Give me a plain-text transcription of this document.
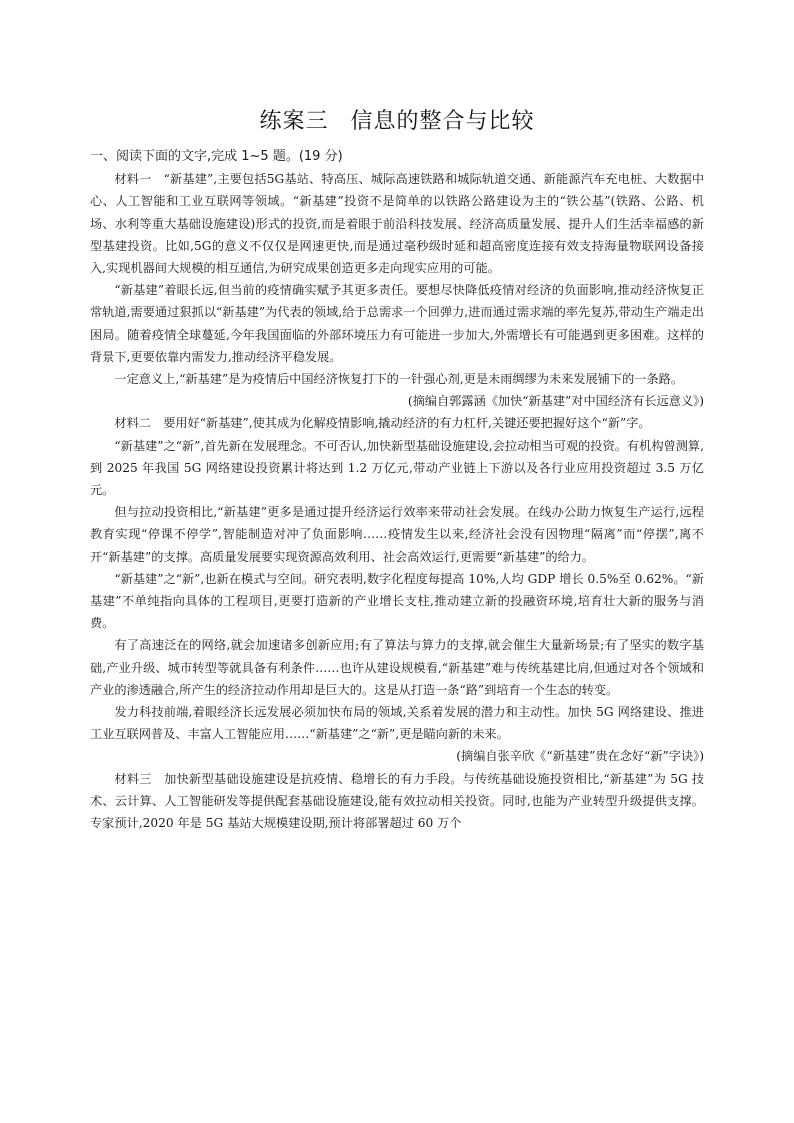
练案三 信息的整合与比较
一、阅读下面的文字,完成 1~5 题。(19 分)

材料一  “新基建”,主要包括5G基站、特高压、城际高速铁路和城际轨道交通、新能源汽车充电桩、大数据中心、人工智能和工业互联网等领域。“新基建”投资不是简单的以铁路公路建设为主的“铁公基”(铁路、公路、机场、水利等重大基础设施建设)形式的投资,而是着眼于前沿科技发展、经济高质量发展、提升人们生活幸福感的新型基建投资。比如,5G的意义不仅仅是网速更快,而是通过毫秒级时延和超高密度连接有效支持海量物联网设备接入,实现机器间大规模的相互通信,为研究成果创造更多走向现实应用的可能。

“新基建”着眼长远,但当前的疫情确实赋予其更多责任。要想尽快降低疫情对经济的负面影响,推动经济恢复正常轨道,需要通过狠抓以“新基建”为代表的领域,给于总需求一个回弹力,进而通过需求端的率先复苏,带动生产端走出困局。随着疫情全球蔓延,今年我国面临的外部环境压力有可能进一步加大,外需增长有可能遇到更多困难。这样的背景下,更要依靠内需发力,推动经济平稳发展。

一定意义上,“新基建”是为疫情后中国经济恢复打下的一针强心剂,更是未雨绸缪为未来发展铺下的一条路。

(摘编自郭露涵《加快“新基建”对中国经济有长远意义》)

材料二  要用好“新基建”,使其成为化解疫情影响,撬动经济的有力杠杆,关键还要把握好这个“新”字。

“新基建”之“新”,首先新在发展理念。不可否认,加快新型基础设施建设,会拉动相当可观的投资。有机构曾测算,到 2025 年我国 5G 网络建设投资累计将达到 1.2 万亿元,带动产业链上下游以及各行业应用投资超过 3.5 万亿元。

但与拉动投资相比,“新基建”更多是通过提升经济运行效率来带动社会发展。在线办公助力恢复生产运行,远程教育实现“停课不停学”,智能制造对冲了负面影响……疫情发生以来,经济社会没有因物理“隔离”而“停摆”,离不开“新基建”的支撑。高质量发展要实现资源高效利用、社会高效运行,更需要“新基建”的给力。

“新基建”之“新”,也新在模式与空间。研究表明,数字化程度每提高 10%,人均 GDP 增长 0.5%至 0.62%。“新基建”不单纯指向具体的工程项目,更要打造新的产业增长支柱,推动建立新的投融资环境,培育壮大新的服务与消费。

有了高速泛在的网络,就会加速诸多创新应用;有了算法与算力的支撑,就会催生大量新场景;有了坚实的数字基础,产业升级、城市转型等就具备有利条件……也许从建设规模看,“新基建”难与传统基建比肩,但通过对各个领域和产业的渗透融合,所产生的经济拉动作用却是巨大的。这是从打造一条“路”到培育一个生态的转变。

发力科技前端,着眼经济长远发展必须加快布局的领域,关系着发展的潜力和主动性。加快 5G 网络建设、推进工业互联网普及、丰富人工智能应用……“新基建”之“新”,更是瞄向新的未来。

(摘编自张辛欣《“新基建”贵在念好“新”字诀》)

材料三  加快新型基础设施建设是抗疫情、稳增长的有力手段。与传统基础设施投资相比,“新基建”为 5G 技术、云计算、人工智能研发等提供配套基础设施建设,能有效拉动相关投资。同时,也能为产业转型升级提供支撑。专家预计,2020 年是 5G 基站大规模建设期,预计将部署超过 60 万个
